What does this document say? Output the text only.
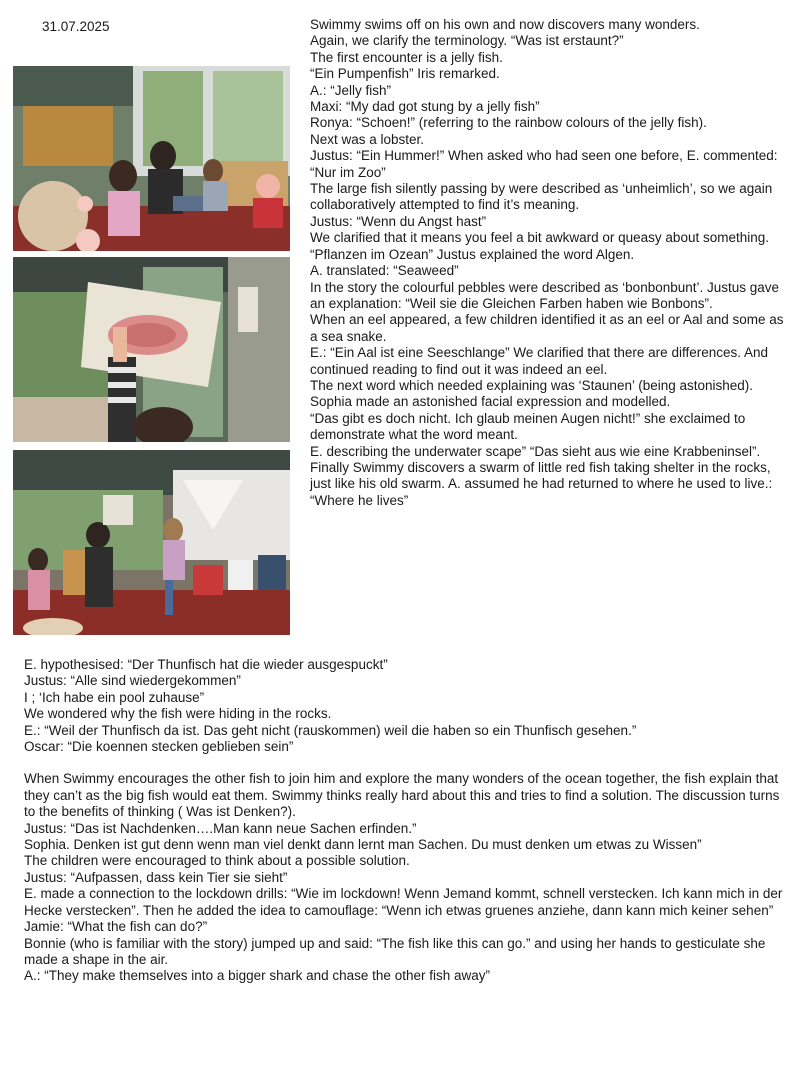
31.07.2025	Swimmy swims off on his own and now discovers many wonders.

Again, we clarify the terminology. “Was ist erstaunt?”

The first encounter is a jelly fish.

“Ein Pumpenfish” Iris remarked.

A.: “Jelly fish”

Maxi: “My dad got stung by a jelly fish”

Ronya: “Schoen!” (referring to the rainbow colours of the jelly fish).

Next was a lobster.

Justus: “Ein Hummer!” When asked who had seen one before, E. commented: “Nur im Zoo”

The large fish silently passing by were described as ‘unheimlich’, so we again collaboratively attempted to find it’s meaning.

Justus: “Wenn du Angst hast”

We clarified that it means you feel a bit awkward or queasy about something.

“Pflanzen im Ozean” Justus explained the word Algen.

A. translated: “Seaweed”

In the story the colourful pebbles were described as ‘bonbonbunt’. Justus gave an explanation: “Weil sie die Gleichen Farben haben wie Bonbons”.

When an eel appeared, a few children identified it as an eel or Aal and some as a sea snake.

E.: “Ein Aal ist eine Seeschlange” We clarified that there are differences. And continued reading to find out it was indeed an eel.

The next word which needed explaining was ‘Staunen’ (being astonished).

Sophia made an astonished facial expression and modelled.

“Das gibt es doch nicht. Ich glaub meinen Augen nicht!” she exclaimed to demonstrate what the word meant.

E. describing the underwater scape” “Das sieht aus wie eine Krabbeninsel”.

Finally Swimmy discovers a swarm of little red fish taking shelter in the rocks, just like his old swarm. A. assumed he had returned to where he used to live.: “Where he lives”

E. hypothesised: “Der Thunfisch hat die wieder ausgespuckt”

Justus: “Alle sind wiedergekommen”

I ; ‘Ich habe ein pool zuhause”

We wondered why the fish were hiding in the rocks.

E.: “Weil der Thunfisch da ist. Das geht nicht (rauskommen) weil die haben so ein Thunfisch gesehen.”

Oscar: “Die koennen stecken geblieben sein”

When Swimmy encourages the other fish to join him and explore the many wonders of the ocean together, the fish explain that they can’t as the big fish would eat them. Swimmy thinks really hard about this and tries to find a solution. The discussion turns to the benefits of thinking ( Was ist Denken?).

Justus: “Das ist Nachdenken….Man kann neue Sachen erfinden.”

Sophia. Denken ist gut denn wenn man viel denkt dann lernt man Sachen. Du must denken um etwas zu Wissen”

The children were encouraged to think about a possible solution.

Justus: “Aufpassen, dass kein Tier sie sieht”

E. made a connection to the lockdown drills: “Wie im lockdown! Wenn Jemand kommt, schnell verstecken. Ich kann mich in der Hecke verstecken”. Then he added the idea to camouflage: “Wenn ich etwas gruenes anziehe, dann kann mich keiner sehen”

Jamie: “What the fish can do?”

Bonnie (who is familiar with the story) jumped up and said: “The fish like this can go.” and using her hands to gesticulate she made a shape in the air.

A.: “They make themselves into a bigger shark and chase the other fish away”
